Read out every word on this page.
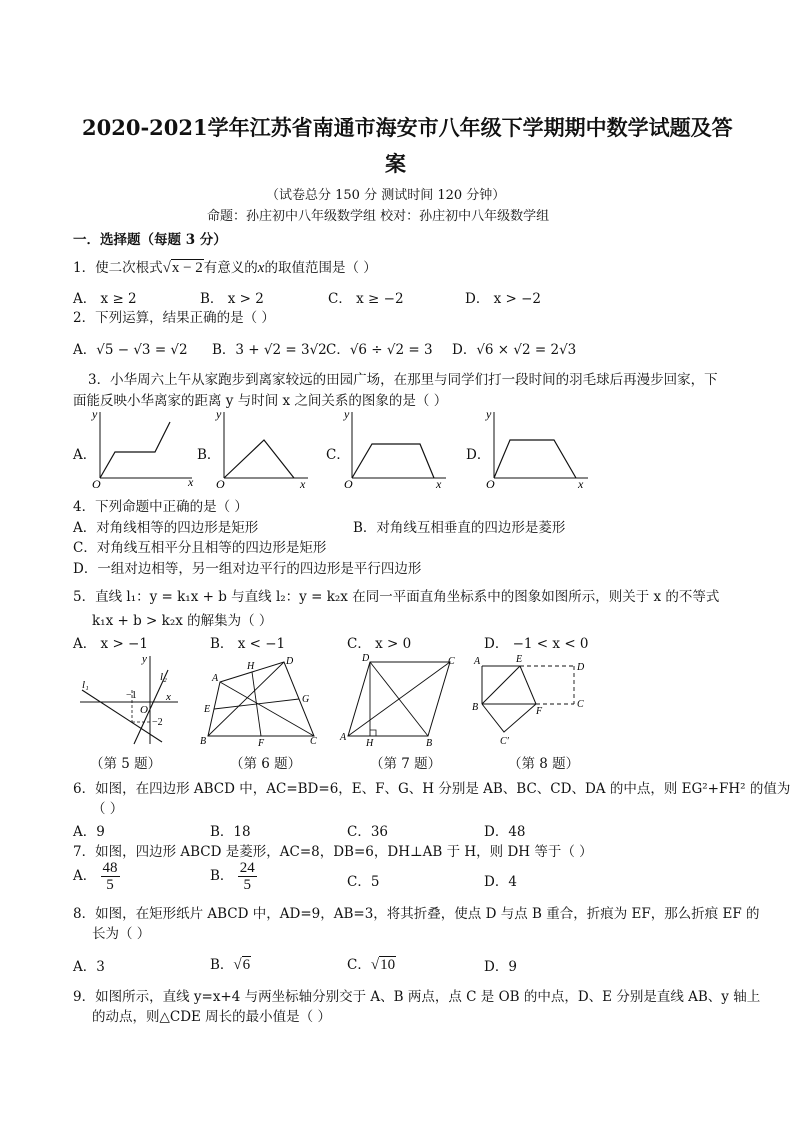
2020-2021学年江苏省南通市海安市八年级下学期期中数学试题及答
案
（试卷总分 150 分 测试时间 120 分钟）
命题：孙庄初中八年级数学组 校对：孙庄初中八年级数学组
一．选择题（每题 3 分）
1．使二次根式√x − 2有意义的x的取值范围是（ ）
A． x ≥ 2	B． x > 2	C． x ≥ −2	D． x > −2
2．下列运算，结果正确的是（ ）
A．√5 − √3 = √2 B．3 + √2 = 3√2 C．√6 ÷ √2 = 3 D．√6 × √2 = 2√3
3．小华周六上午从家跑步到离家较远的田园广场，在那里与同学们打一段时间的羽毛球后再漫步回家，下
面能反映小华离家的距离 y 与时间 x 之间关系的图象的是（ ）
A．	B．	C．	D．
y
x
O
y
x
O
y
x
O
y
x
O
4．下列命题中正确的是（ ）
A．对角线相等的四边形是矩形	B．对角线互相垂直的四边形是菱形
C．对角线互相平分且相等的四边形是矩形
D．一组对边相等，另一组对边平行的四边形是平行四边形
5．直线 l₁：y = k₁x + b 与直线 l₂：y = k₂x 在同一平面直角坐标系中的图象如图所示，则关于 x 的不等式
k₁x + b > k₂x 的解集为（ ）
A． x > −1	B． x < −1	C． x > 0	D． −1 < x < 0
l₁
l₂
y
x
O
−1
−2
A
D
H
B	C
F
E
G
D	C
A
B
H
A	E
D
B	F
C
C′
（第 5 题）	（第 6 题）	（第 7 题）	（第 8 题）
6．如图，在四边形 ABCD 中，AC=BD=6，E、F、G、H 分别是 AB、BC、CD、DA 的中点，则 EG²+FH² 的值为
（ ）
A．9	B．18	C．36	D．48
7．如图，四边形 ABCD 是菱形，AC=8，DB=6，DH⊥AB 于 H，则 DH 等于（ ）
A． $\frac{48}{5}$	B． $\frac{24}{5}$	C．5	D．4
8．如图，在矩形纸片 ABCD 中，AD=9，AB=3，将其折叠，使点 D 与点 B 重合，折痕为 EF，那么折痕 EF 的
长为（ ）
A．3	B．√6	C．√10	D．9
9．如图所示，直线 y=x+4 与两坐标轴分别交于 A、B 两点，点 C 是 OB 的中点，D、E 分别是直线 AB、y 轴上
的动点，则△CDE 周长的最小值是（ ）
